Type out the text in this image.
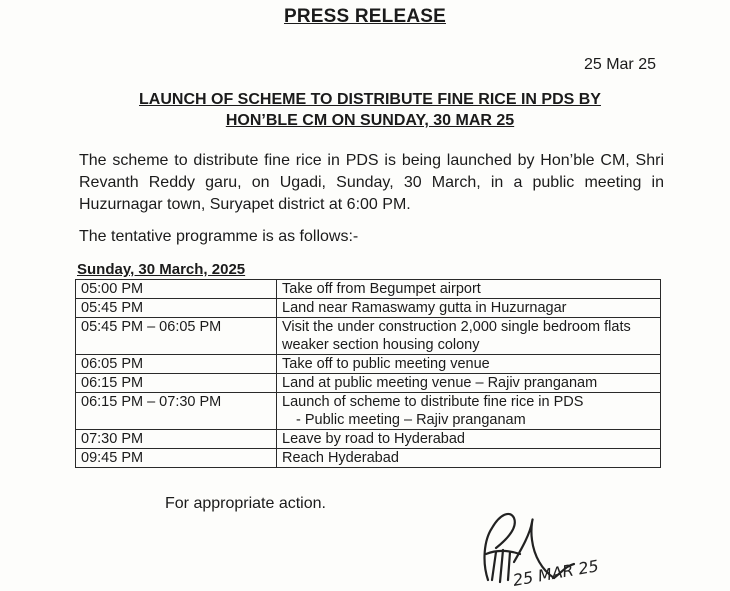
PRESS RELEASE
25 Mar 25
LAUNCH OF SCHEME TO DISTRIBUTE FINE RICE IN PDS BY
HON’BLE CM ON SUNDAY, 30 MAR 25
The scheme to distribute fine rice in PDS is being launched by Hon’ble CM, Shri Revanth Reddy garu, on Ugadi, Sunday, 30 March, in a public meeting in Huzurnagar town, Suryapet district at 6:00 PM.
The tentative programme is as follows:-
Sunday, 30 March, 2025
05:00 PM	Take off from Begumpet airport
05:45 PM	Land near Ramaswamy gutta in Huzurnagar
05:45 PM – 06:05 PM	Visit the under construction 2,000 single bedroom flats weaker section housing colony
06:05 PM	Take off to public meeting venue
06:15 PM	Land at public meeting venue – Rajiv pranganam
06:15 PM – 07:30 PM	Launch of scheme to distribute fine rice in PDS
- Public meeting – Rajiv pranganam

07:30 PM	Leave by road to Hyderabad
09:45 PM	Reach Hyderabad
For appropriate action.
25 MAR 25
